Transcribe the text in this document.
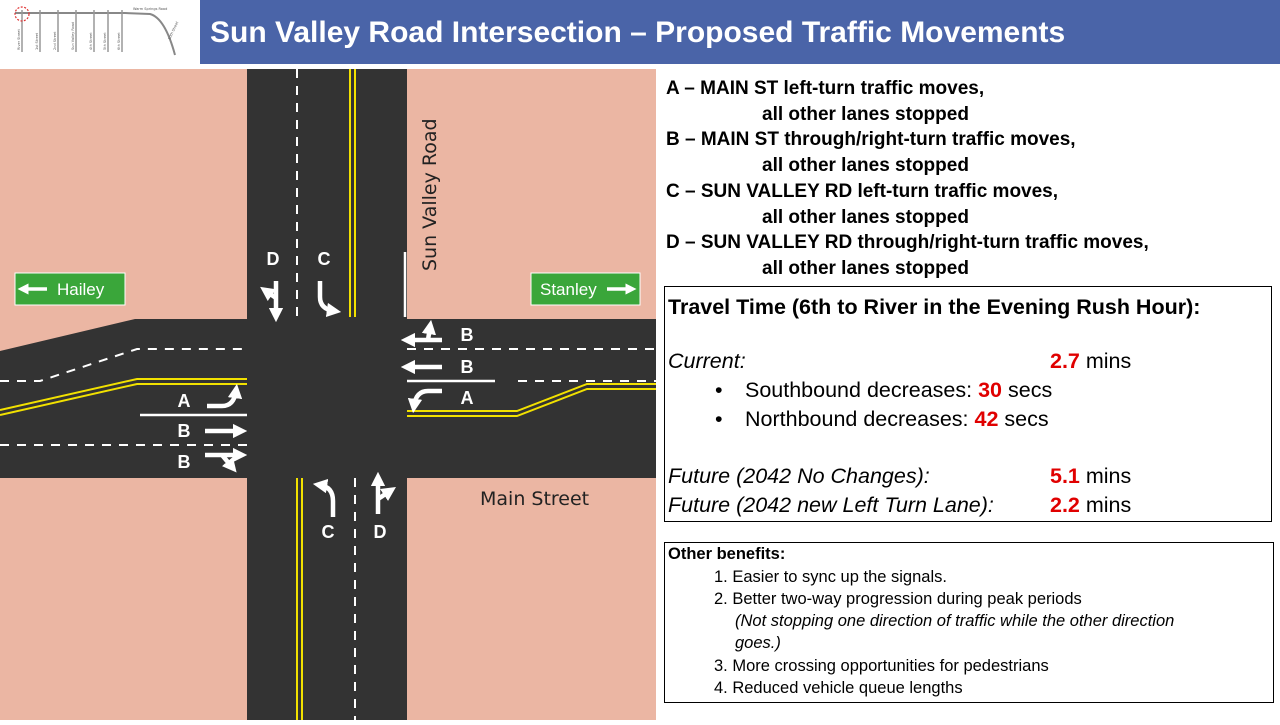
River Street	1st Street	2nd Street	Sun Valley Road	4th Street	5th Street	6th Street
Warm Springs Road
10th Street Sun Valley Road Intersection – Proposed Traffic Movements
D C
C D
A
B
B
B
B
A
Sun Valley Road
Main Street
Hailey	Stanley
A – MAIN ST left-turn traffic moves,
all other lanes stopped
B – MAIN ST through/right-turn traffic moves,
all other lanes stopped
C – SUN VALLEY RD left-turn traffic moves,
all other lanes stopped
D – SUN VALLEY RD through/right-turn traffic moves,
all other lanes stopped
Travel Time (6th to River in the Evening Rush Hour):
Current:	2.7 mins
• Southbound decreases: 30 secs
• Northbound decreases: 42 secs
Future (2042 No Changes):	5.1 mins
Future (2042 new Left Turn Lane):	2.2 mins
Other benefits:
1. Easier to sync up the signals.
2. Better two-way progression during peak periods
(Not stopping one direction of traffic while the other direction
goes.)
3. More crossing opportunities for pedestrians
4. Reduced vehicle queue lengths
